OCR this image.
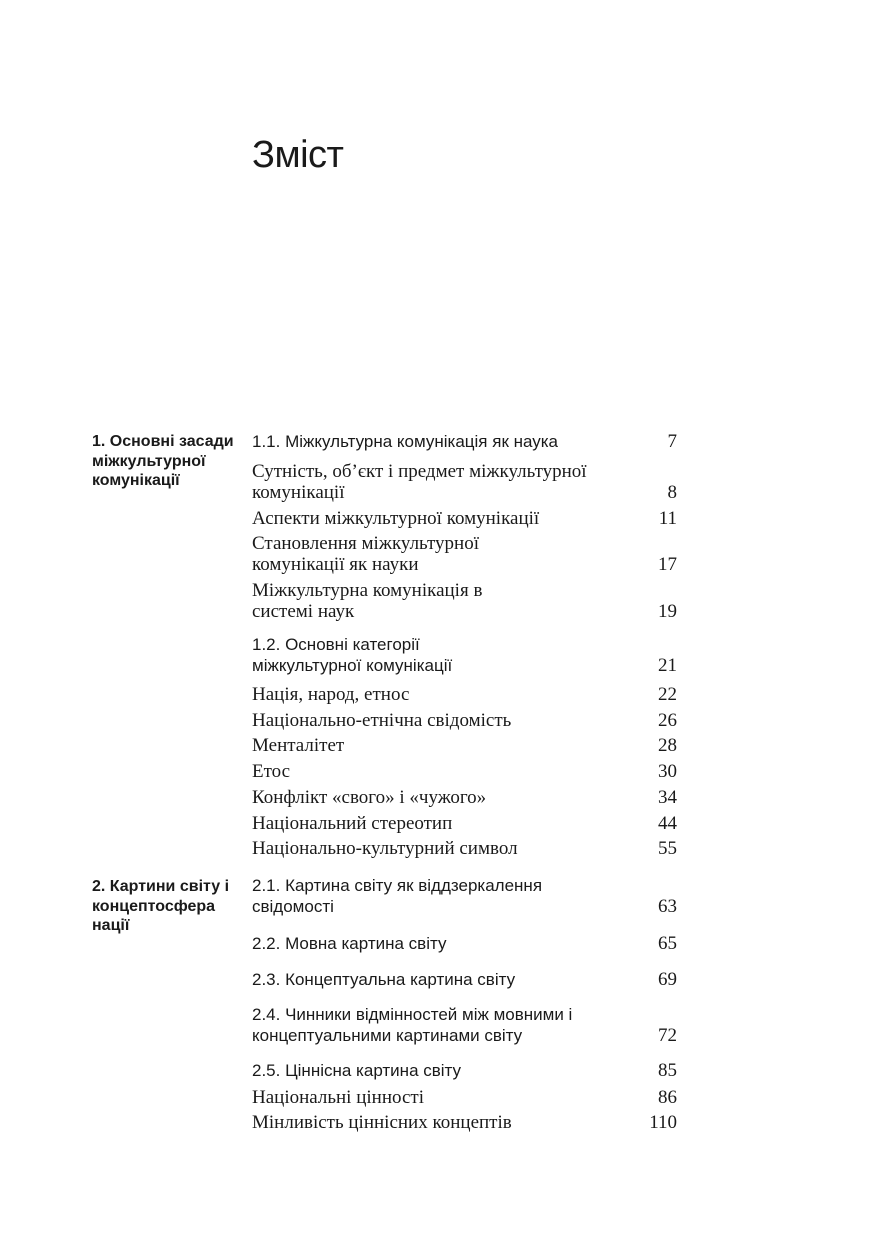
Зміст

1. Основні засади міжкультурної комунікації

1.1. Міжкультурна комунікація як наука	7
Сутність, об’єкт і предмет міжкультурної комунікації	8
Аспекти міжкультурної комунікації	11
Становлення міжкультурної комунікації як науки	17
Міжкультурна комунікація в системі наук	19
1.2. Основні категорії міжкультурної комунікації	21
Нація, народ, етнос	22
Національно-етнічна свідомість	26
Менталітет	28
Етос	30
Конфлікт «свого» і «чужого»	34
Національний стереотип	44
Національно-культурний символ	55

2. Картини світу і концептосфера нації

2.1. Картина світу як віддзеркалення свідомості	63
2.2. Мовна картина світу	65
2.3. Концептуальна картина світу	69
2.4. Чинники відмінностей між мовними і концептуальними картинами світу	72
2.5. Ціннісна картина світу	85
Національні цінності	86
Мінливість ціннісних концептів	110
